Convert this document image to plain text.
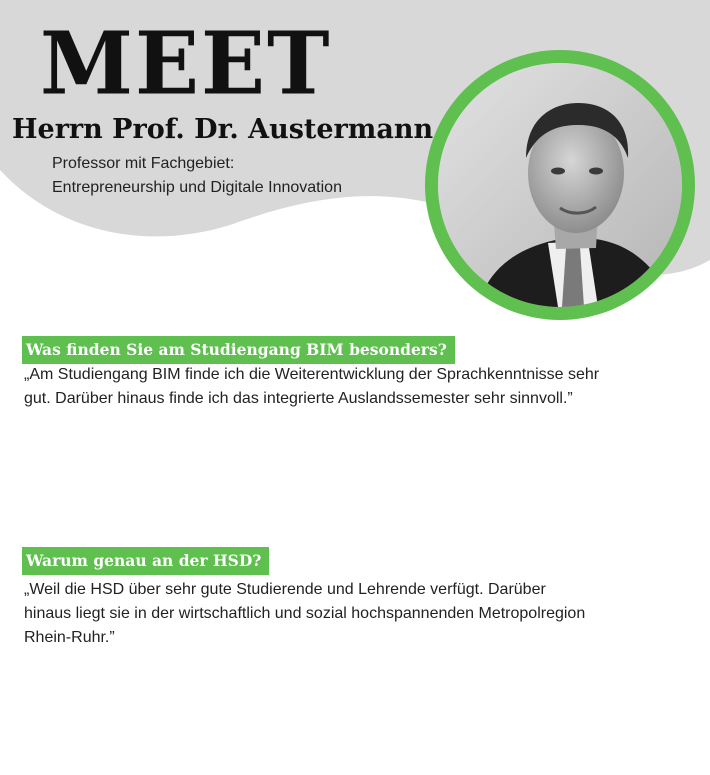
MEET
Herrn Prof. Dr. Austermann
Professor mit Fachgebiet:
Entrepreneurship und Digitale Innovation
Was finden Sie am Studiengang BIM besonders?
„Am Studiengang BIM finde ich die Weiterentwicklung der Sprachkenntnisse sehr
gut. Darüber hinaus finde ich das integrierte Auslandssemester sehr sinnvoll.”
Warum genau an der HSD?
„Weil die HSD über sehr gute Studierende und Lehrende verfügt. Darüber
hinaus liegt sie in der wirtschaftlich und sozial hochspannenden Metropolregion
Rhein-Ruhr.”
